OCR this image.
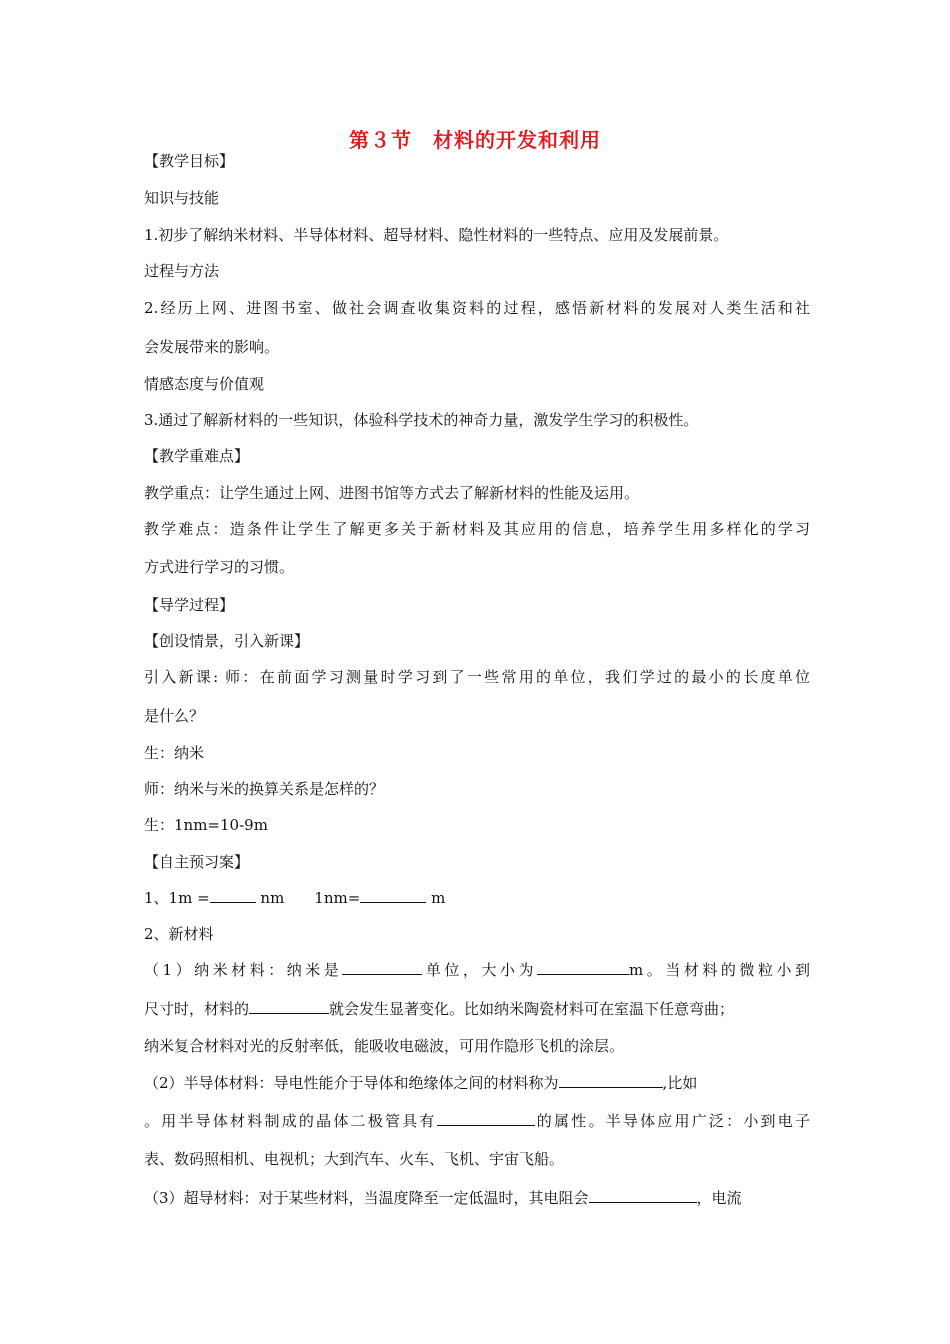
第３节　材料的开发和利用
【教学目标】
知识与技能
1.初步了解纳米材料、半导体材料、超导材料、隐性材料的一些特点、应用及发展前景。
过程与方法
2.经历上网、进图书室、做社会调查收集资料的过程，感悟新材料的发展对人类生活和社
会发展带来的影响。
情感态度与价值观
3.通过了解新材料的一些知识，体验科学技术的神奇力量，激发学生学习的积极性。
【教学重难点】
教学重点：让学生通过上网、进图书馆等方式去了解新材料的性能及运用。
教学难点：造条件让学生了解更多关于新材料及其应用的信息，培养学生用多样化的学习
方式进行学习的习惯。
【导学过程】
【创设情景，引入新课】
引入新课: 师：在前面学习测量时学习到了一些常用的单位，我们学过的最小的长度单位
是什么？
生：纳米
师：纳米与米的换算关系是怎样的？
生：1nm=10-9m
【自主预习案】
1、1m =	nm　　1nm=	m
2、新材料
（1）纳米材料：纳米是	单位，大小为	m。当材料的微粒小到
尺寸时，材料的	就会发生显著变化。比如纳米陶瓷材料可在室温下任意弯曲；
纳米复合材料对光的反射率低，能吸收电磁波，可用作隐形飞机的涂层。
（2）半导体材料：导电性能介于导体和绝缘体之间的材料称为	,比如
。用半导体材料制成的晶体二极管具有	的属性。半导体应用广泛：小到电子
表、数码照相机、电视机；大到汽车、火车、飞机、宇宙飞船。
（3）超导材料：对于某些材料，当温度降至一定低温时，其电阻会	，电流
